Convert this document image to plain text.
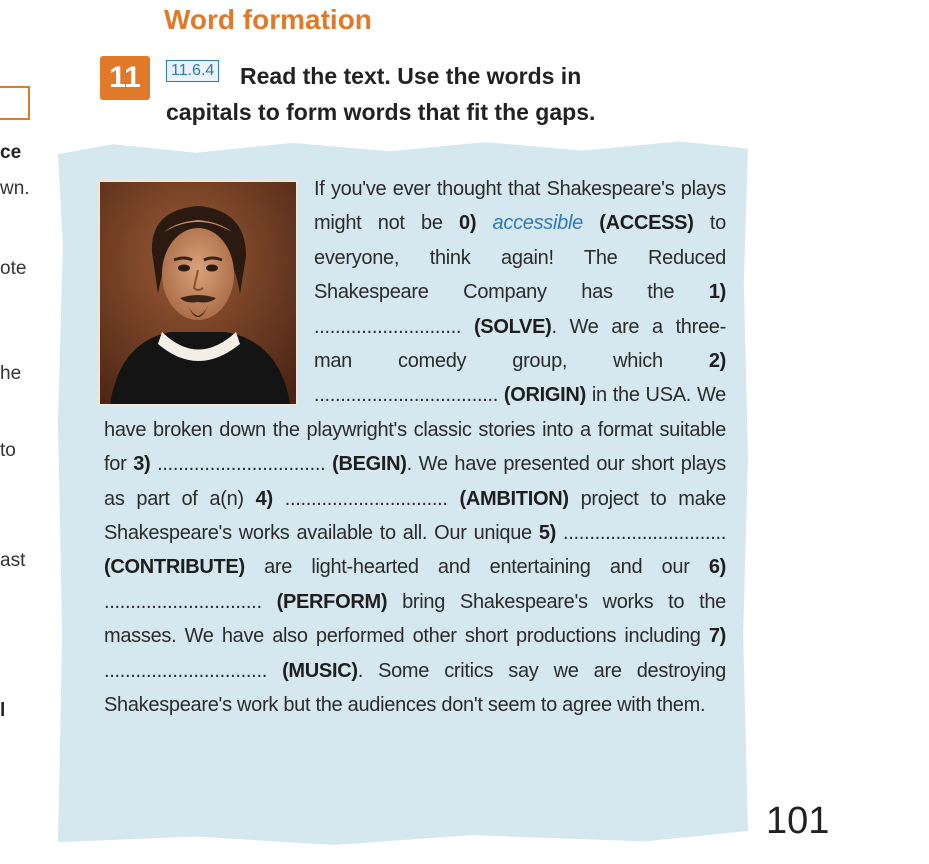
ce
wn.
ote
he
to
ast
l
Word formation
11	Read the text. Use the words in
capitals to form words that fit the gaps.
11.6.4
If you've ever thought that Shakespeare's plays might not be 0) accessible (ACCESS) to everyone, think again! The Reduced Shakespeare Company has the 1) ............................ (SOLVE). We are a three-man comedy group, which 2) ................................... (ORIGIN) in the USA. We have broken down the playwright's classic stories into a format suitable for 3) ................................ (BEGIN). We have presented our short plays as part of a(n) 4) ............................... (AMBITION) project to make Shakespeare's works available to all. Our unique 5) ............................... (CONTRIBUTE) are light-hearted and entertaining and our 6) .............................. (PERFORM) bring Shakespeare's works to the masses. We have also performed other short productions including 7) ............................... (MUSIC). Some critics say we are destroying Shakespeare's work but the audiences don't seem to agree with them.
101
